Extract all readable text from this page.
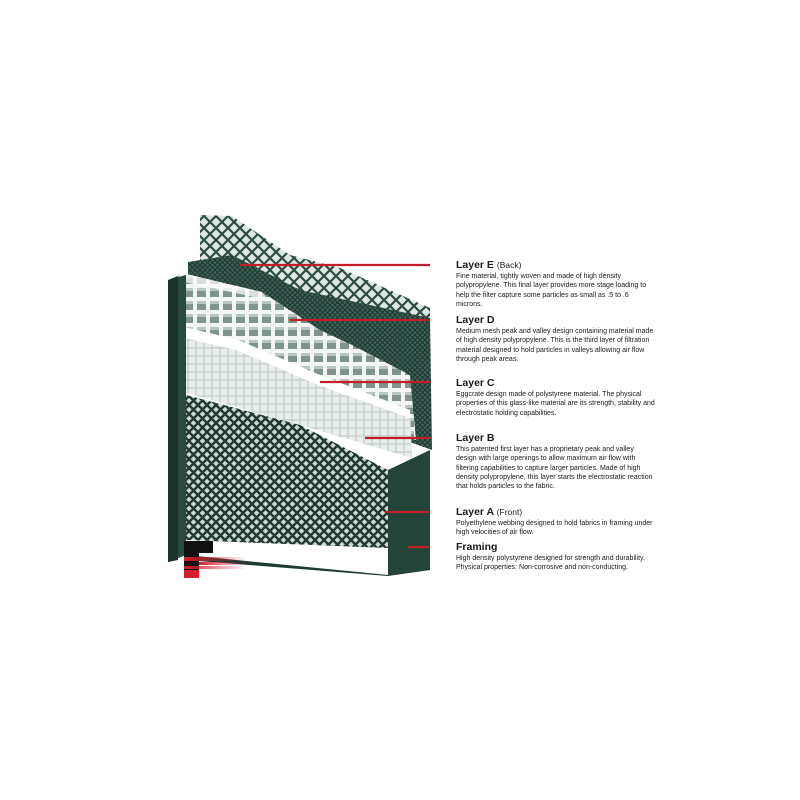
Layer E (Back)
Fine material, tightly woven and made of high density polypropylene. This final layer provides more stage loading to help the filter capture some particles as small as .5 to .6 microns.
Layer D
Medium mesh peak and valley design containing material made of high density polypropylene. This is the third layer of filtration material designed to hold particles in valleys allowing air flow through peak areas.
Layer C
Eggcrate design made of polystyrene material. The physical properties of this glass-like material are its strength, stability and electrostatic holding capabilities.
Layer B
This patented first layer has a proprietary peak and valley design with large openings to allow maximum air flow with filtering capabilities to capture larger particles. Made of high density polypropylene, this layer starts the electrostatic reaction that holds particles to the fabric.
Layer A (Front)
Polyethylene webbing designed to hold fabrics in framing under high velocities of air flow.
Framing
High density polystyrene designed for strength and durability. Physical properties: Non-corrosive and non-conducting.
